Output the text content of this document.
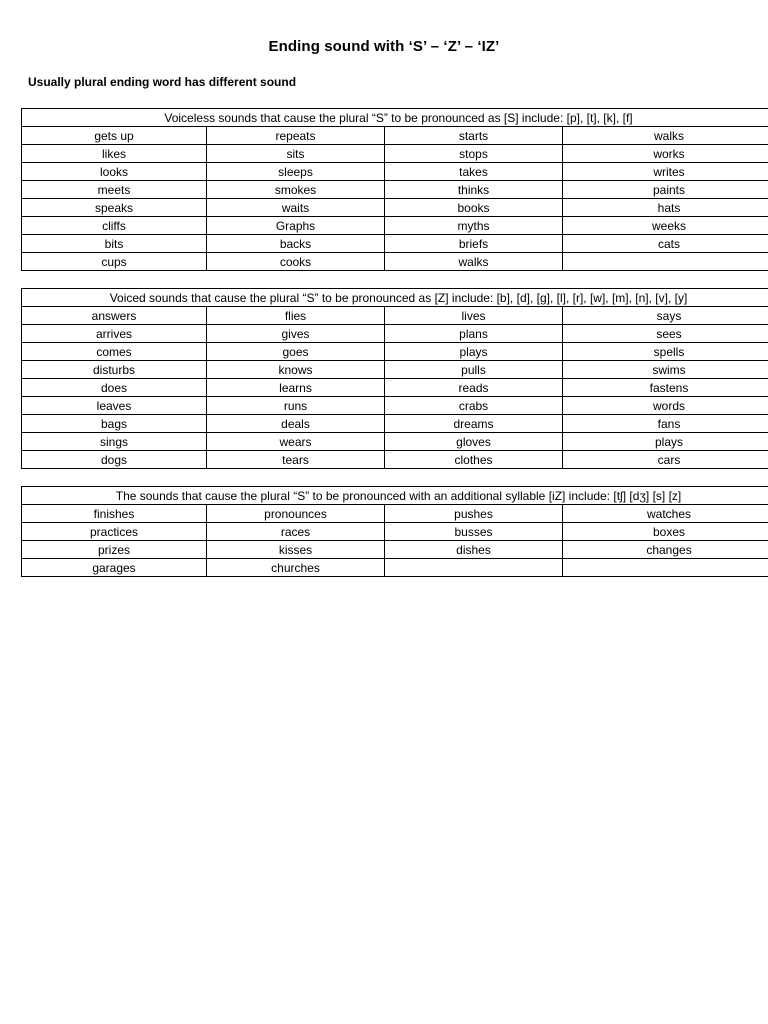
Ending sound with ‘S’ – ‘Z’ – ‘IZ’
Usually plural ending word has different sound
Voiceless sounds that cause the plural “S” to be pronounced as [S] include: [p], [t], [k], [f]			
gets up	repeats	starts	walks
likes	sits	stops	works
looks	sleeps	takes	writes
meets	smokes	thinks	paints
speaks	waits	books	hats
cliffs	Graphs	myths	weeks
bits	backs	briefs	cats
cups	cooks	walks	
Voiced sounds that cause the plural “S” to be pronounced as [Z] include: [b], [d], [g], [l], [r], [w], [m], [n], [v], [y]			
answers	flies	lives	says
arrives	gives	plans	sees
comes	goes	plays	spells
disturbs	knows	pulls	swims
does	learns	reads	fastens
leaves	runs	crabs	words
bags	deals	dreams	fans
sings	wears	gloves	plays
dogs	tears	clothes	cars
The sounds that cause the plural “S” to be pronounced with an additional syllable [iZ] include: [tʃ] [dʒ] [s] [z]			
finishes	pronounces	pushes	watches
practices	races	busses	boxes
prizes	kisses	dishes	changes
garages	churches		
